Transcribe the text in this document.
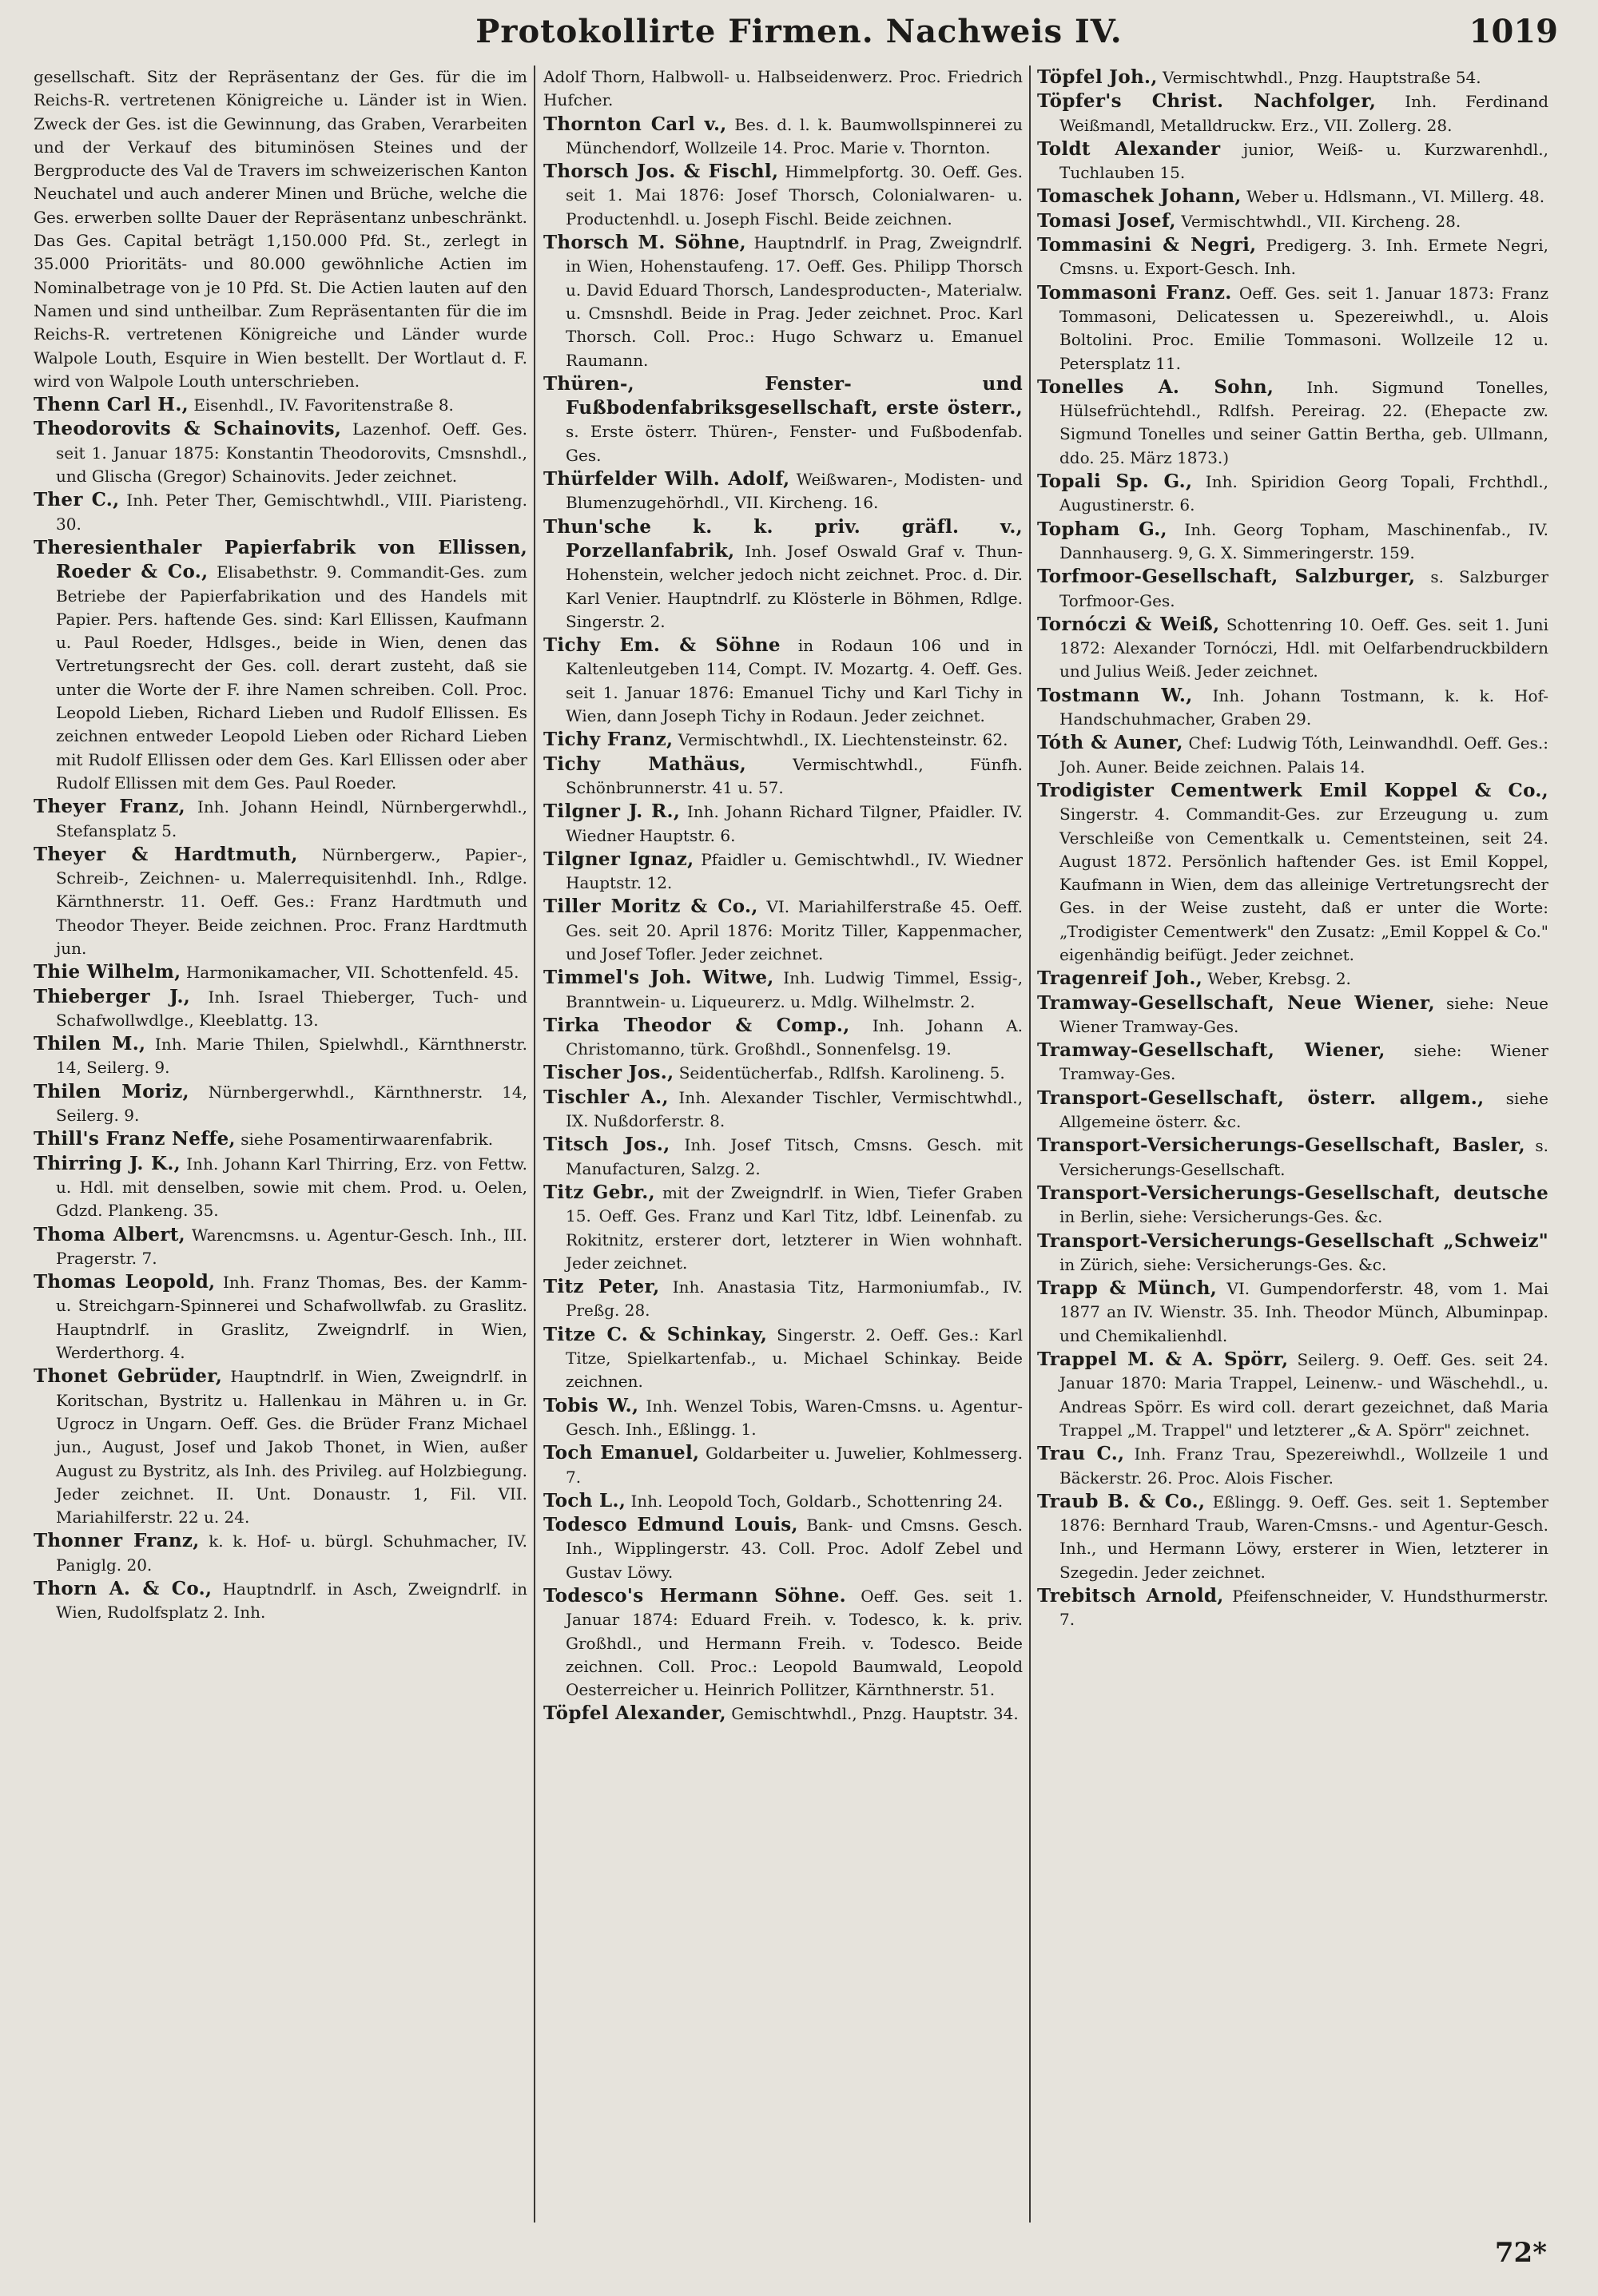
Protokollirte Firmen. Nachweis IV.	1019

gesellschaft. Sitz der Repräsentanz der Ges. für die im Reichs-R. vertretenen Königreiche u. Länder ist in Wien. Zweck der Ges. ist die Gewinnung, das Graben, Verarbeiten und der Verkauf des bituminösen Steines und der Bergproducte des Val de Travers im schweizerischen Kanton Neuchatel und auch anderer Minen und Brüche, welche die Ges. erwerben sollte Dauer der Repräsentanz unbeschränkt. Das Ges. Capital beträgt 1,150.000 Pfd. St., zerlegt in 35.000 Prioritäts- und 80.000 gewöhnliche Actien im Nominalbetrage von je 10 Pfd. St. Die Actien lauten auf den Namen und sind untheilbar. Zum Repräsentanten für die im Reichs-R. vertretenen Königreiche und Länder wurde Walpole Louth, Esquire in Wien bestellt. Der Wortlaut d. F. wird von Walpole Louth unterschrieben.

Thenn Carl H., Eisenhdl., IV. Favoritenstraße 8.

Theodorovits & Schainovits, Lazenhof. Oeff. Ges. seit 1. Januar 1875: Konstantin Theodorovits, Cmsnshdl., und Glischa (Gregor) Schainovits. Jeder zeichnet.

Ther C., Inh. Peter Ther, Gemischtwhdl., VIII. Piaristeng. 30.

Theresienthaler Papierfabrik von Ellissen, Roeder & Co., Elisabethstr. 9. Commandit-Ges. zum Betriebe der Papierfabrikation und des Handels mit Papier. Pers. haftende Ges. sind: Karl Ellissen, Kaufmann u. Paul Roeder, Hdlsges., beide in Wien, denen das Vertretungsrecht der Ges. coll. derart zusteht, daß sie unter die Worte der F. ihre Namen schreiben. Coll. Proc. Leopold Lieben, Richard Lieben und Rudolf Ellissen. Es zeichnen entweder Leopold Lieben oder Richard Lieben mit Rudolf Ellissen oder dem Ges. Karl Ellissen oder aber Rudolf Ellissen mit dem Ges. Paul Roeder.

Theyer Franz, Inh. Johann Heindl, Nürnbergerwhdl., Stefansplatz 5.

Theyer & Hardtmuth, Nürnbergerw., Papier-, Schreib-, Zeichnen- u. Malerrequisitenhdl. Inh., Rdlge. Kärnthnerstr. 11. Oeff. Ges.: Franz Hardtmuth und Theodor Theyer. Beide zeichnen. Proc. Franz Hardtmuth jun.

Thie Wilhelm, Harmonikamacher, VII. Schottenfeld. 45.

Thieberger J., Inh. Israel Thieberger, Tuch- und Schafwollwdlge., Kleeblattg. 13.

Thilen M., Inh. Marie Thilen, Spielwhdl., Kärnthnerstr. 14, Seilerg. 9.

Thilen Moriz, Nürnbergerwhdl., Kärnthnerstr. 14, Seilerg. 9.

Thill's Franz Neffe, siehe Posamentirwaarenfabrik.

Thirring J. K., Inh. Johann Karl Thirring, Erz. von Fettw. u. Hdl. mit denselben, sowie mit chem. Prod. u. Oelen, Gdzd. Plankeng. 35.

Thoma Albert, Warencmsns. u. Agentur-Gesch. Inh., III. Pragerstr. 7.

Thomas Leopold, Inh. Franz Thomas, Bes. der Kamm- u. Streichgarn-Spinnerei und Schafwollwfab. zu Graslitz. Hauptndrlf. in Graslitz, Zweigndrlf. in Wien, Werderthorg. 4.

Thonet Gebrüder, Hauptndrlf. in Wien, Zweigndrlf. in Koritschan, Bystritz u. Hallenkau in Mähren u. in Gr. Ugrocz in Ungarn. Oeff. Ges. die Brüder Franz Michael jun., August, Josef und Jakob Thonet, in Wien, außer August zu Bystritz, als Inh. des Privileg. auf Holzbiegung. Jeder zeichnet. II. Unt. Donaustr. 1, Fil. VII. Mariahilferstr. 22 u. 24.

Thonner Franz, k. k. Hof- u. bürgl. Schuhmacher, IV. Paniglg. 20.

Thorn A. & Co., Hauptndrlf. in Asch, Zweigndrlf. in Wien, Rudolfsplatz 2. Inh.

Adolf Thorn, Halbwoll- u. Halbseidenwerz. Proc. Friedrich Hufcher.

Thornton Carl v., Bes. d. l. k. Baumwollspinnerei zu Münchendorf, Wollzeile 14. Proc. Marie v. Thornton.

Thorsch Jos. & Fischl, Himmelpfortg. 30. Oeff. Ges. seit 1. Mai 1876: Josef Thorsch, Colonialwaren- u. Productenhdl. u. Joseph Fischl. Beide zeichnen.

Thorsch M. Söhne, Hauptndrlf. in Prag, Zweigndrlf. in Wien, Hohenstaufeng. 17. Oeff. Ges. Philipp Thorsch u. David Eduard Thorsch, Landesproducten-, Materialw. u. Cmsnshdl. Beide in Prag. Jeder zeichnet. Proc. Karl Thorsch. Coll. Proc.: Hugo Schwarz u. Emanuel Raumann.

Thüren-, Fenster- und Fußbodenfabriksgesellschaft, erste österr., s. Erste österr. Thüren-, Fenster- und Fußbodenfab. Ges.

Thürfelder Wilh. Adolf, Weißwaren-, Modisten- und Blumenzugehörhdl., VII. Kircheng. 16.

Thun'sche k. k. priv. gräfl. v., Porzellanfabrik, Inh. Josef Oswald Graf v. Thun-Hohenstein, welcher jedoch nicht zeichnet. Proc. d. Dir. Karl Venier. Hauptndrlf. zu Klösterle in Böhmen, Rdlge. Singerstr. 2.

Tichy Em. & Söhne in Rodaun 106 und in Kaltenleutgeben 114, Compt. IV. Mozartg. 4. Oeff. Ges. seit 1. Januar 1876: Emanuel Tichy und Karl Tichy in Wien, dann Joseph Tichy in Rodaun. Jeder zeichnet.

Tichy Franz, Vermischtwhdl., IX. Liechtensteinstr. 62.

Tichy Mathäus,	Vermischtwhdl., Fünfh. Schönbrunnerstr. 41 u. 57.

Tilgner J. R., Inh. Johann Richard Tilgner, Pfaidler. IV. Wiedner Hauptstr. 6.

Tilgner Ignaz, Pfaidler u. Gemischtwhdl., IV. Wiedner Hauptstr. 12.

Tiller Moritz & Co., VI. Mariahilferstraße 45. Oeff. Ges. seit 20. April 1876: Moritz Tiller, Kappenmacher, und Josef Tofler. Jeder zeichnet.

Timmel's Joh. Witwe, Inh. Ludwig Timmel, Essig-, Branntwein- u. Liqueurerz. u. Mdlg. Wilhelmstr. 2.

Tirka Theodor & Comp., Inh. Johann A. Christomanno, türk. Großhdl., Sonnenfelsg. 19.

Tischer Jos., Seidentücherfab., Rdlfsh. Karolineng. 5.

Tischler A., Inh. Alexander Tischler, Vermischtwhdl., IX. Nußdorferstr. 8.

Titsch Jos., Inh. Josef Titsch, Cmsns. Gesch. mit Manufacturen, Salzg. 2.

Titz Gebr., mit der Zweigndrlf. in Wien, Tiefer Graben 15. Oeff. Ges. Franz und Karl Titz, ldbf. Leinenfab. zu Rokitnitz, ersterer dort, letzterer in Wien wohnhaft. Jeder zeichnet.

Titz Peter, Inh. Anastasia Titz, Harmoniumfab., IV. Preßg. 28.

Titze C. & Schinkay, Singerstr. 2. Oeff. Ges.: Karl Titze, Spielkartenfab., u. Michael Schinkay. Beide zeichnen.

Tobis W., Inh. Wenzel Tobis, Waren-Cmsns. u. Agentur-Gesch. Inh., Eßlingg. 1.

Toch Emanuel, Goldarbeiter u. Juwelier, Kohlmesserg. 7.

Toch L., Inh. Leopold Toch, Goldarb., Schottenring 24.

Todesco Edmund Louis, Bank- und Cmsns. Gesch. Inh., Wipplingerstr. 43. Coll. Proc. Adolf Zebel und Gustav Löwy.

Todesco's Hermann Söhne. Oeff. Ges. seit 1. Januar 1874: Eduard Freih. v. Todesco, k. k. priv. Großhdl., und Hermann Freih. v. Todesco. Beide zeichnen. Coll. Proc.: Leopold Baumwald, Leopold Oesterreicher u. Heinrich Pollitzer, Kärnthnerstr. 51.

Töpfel Alexander, Gemischtwhdl., Pnzg. Hauptstr. 34.

Töpfel Joh., Vermischtwhdl., Pnzg. Hauptstraße 54.

Töpfer's Christ. Nachfolger, Inh. Ferdinand Weißmandl, Metalldruckw. Erz., VII. Zollerg. 28.

Toldt Alexander junior, Weiß- u. Kurzwarenhdl., Tuchlauben 15.

Tomaschek Johann, Weber u. Hdlsmann., VI. Millerg. 48.

Tomasi Josef, Vermischtwhdl., VII. Kircheng. 28.

Tommasini & Negri, Predigerg. 3. Inh. Ermete Negri, Cmsns. u. Export-Gesch. Inh.

Tommasoni Franz. Oeff. Ges. seit 1. Januar 1873: Franz Tommasoni, Delicatessen u. Spezereiwhdl., u. Alois Boltolini. Proc. Emilie Tommasoni. Wollzeile 12 u. Petersplatz 11.

Tonelles A. Sohn, Inh. Sigmund Tonelles, Hülsefrüchtehdl., Rdlfsh. Pereirag. 22. (Ehepacte zw. Sigmund Tonelles und seiner Gattin Bertha, geb. Ullmann, ddo. 25. März 1873.)

Topali Sp. G., Inh. Spiridion Georg Topali, Frchthdl., Augustinerstr. 6.

Topham G., Inh. Georg Topham, Maschinenfab., IV. Dannhauserg. 9, G. X. Simmeringerstr. 159.

Torfmoor-Gesellschaft, Salzburger, s. Salzburger Torfmoor-Ges.

Tornóczi & Weiß, Schottenring 10. Oeff. Ges. seit 1. Juni 1872: Alexander Tornóczi, Hdl. mit Oelfarbendruckbildern und Julius Weiß. Jeder zeichnet.

Tostmann W., Inh. Johann Tostmann, k. k. Hof-Handschuhmacher, Graben 29.

Tóth & Auner, Chef: Ludwig Tóth, Leinwandhdl. Oeff. Ges.: Joh. Auner. Beide zeichnen. Palais 14.

Trodigister Cementwerk Emil Koppel & Co., Singerstr. 4. Commandit-Ges. zur Erzeugung u. zum Verschleiße von Cementkalk u. Cementsteinen, seit 24. August 1872. Persönlich haftender Ges. ist Emil Koppel, Kaufmann in Wien, dem das alleinige Vertretungsrecht der Ges. in der Weise zusteht, daß er unter die Worte: „Trodigister Cementwerk" den Zusatz: „Emil Koppel & Co." eigenhändig beifügt. Jeder zeichnet.

Tragenreif Joh., Weber, Krebsg. 2.

Tramway-Gesellschaft, Neue Wiener, siehe: Neue Wiener Tramway-Ges.

Tramway-Gesellschaft, Wiener, siehe: Wiener Tramway-Ges.

Transport-Gesellschaft, österr. allgem., siehe Allgemeine österr. &c.

Transport-Versicherungs-Gesellschaft, Basler, s. Versicherungs-Gesellschaft.

Transport-Versicherungs-Gesellschaft, deutsche in Berlin, siehe: Versicherungs-Ges. &c.

Transport-Versicherungs-Gesellschaft „Schweiz" in Zürich, siehe: Versicherungs-Ges. &c.

Trapp & Münch, VI. Gumpendorferstr. 48, vom 1. Mai 1877 an IV. Wienstr. 35. Inh. Theodor Münch, Albuminpap. und Chemikalienhdl.

Trappel M. & A. Spörr, Seilerg. 9. Oeff. Ges. seit 24. Januar 1870: Maria Trappel, Leinenw.- und Wäschehdl., u. Andreas Spörr. Es wird coll. derart gezeichnet, daß Maria Trappel „M. Trappel" und letzterer „& A. Spörr" zeichnet.

Trau C., Inh. Franz Trau, Spezereiwhdl., Wollzeile 1 und Bäckerstr. 26. Proc. Alois Fischer.

Traub B. & Co., Eßlingg. 9. Oeff. Ges. seit 1. September 1876: Bernhard Traub, Waren-Cmsns.- und Agentur-Gesch. Inh., und Hermann Löwy, ersterer in Wien, letzterer in Szegedin. Jeder zeichnet.

Trebitsch Arnold, Pfeifenschneider, V. Hundsthurmerstr. 7.

72*
